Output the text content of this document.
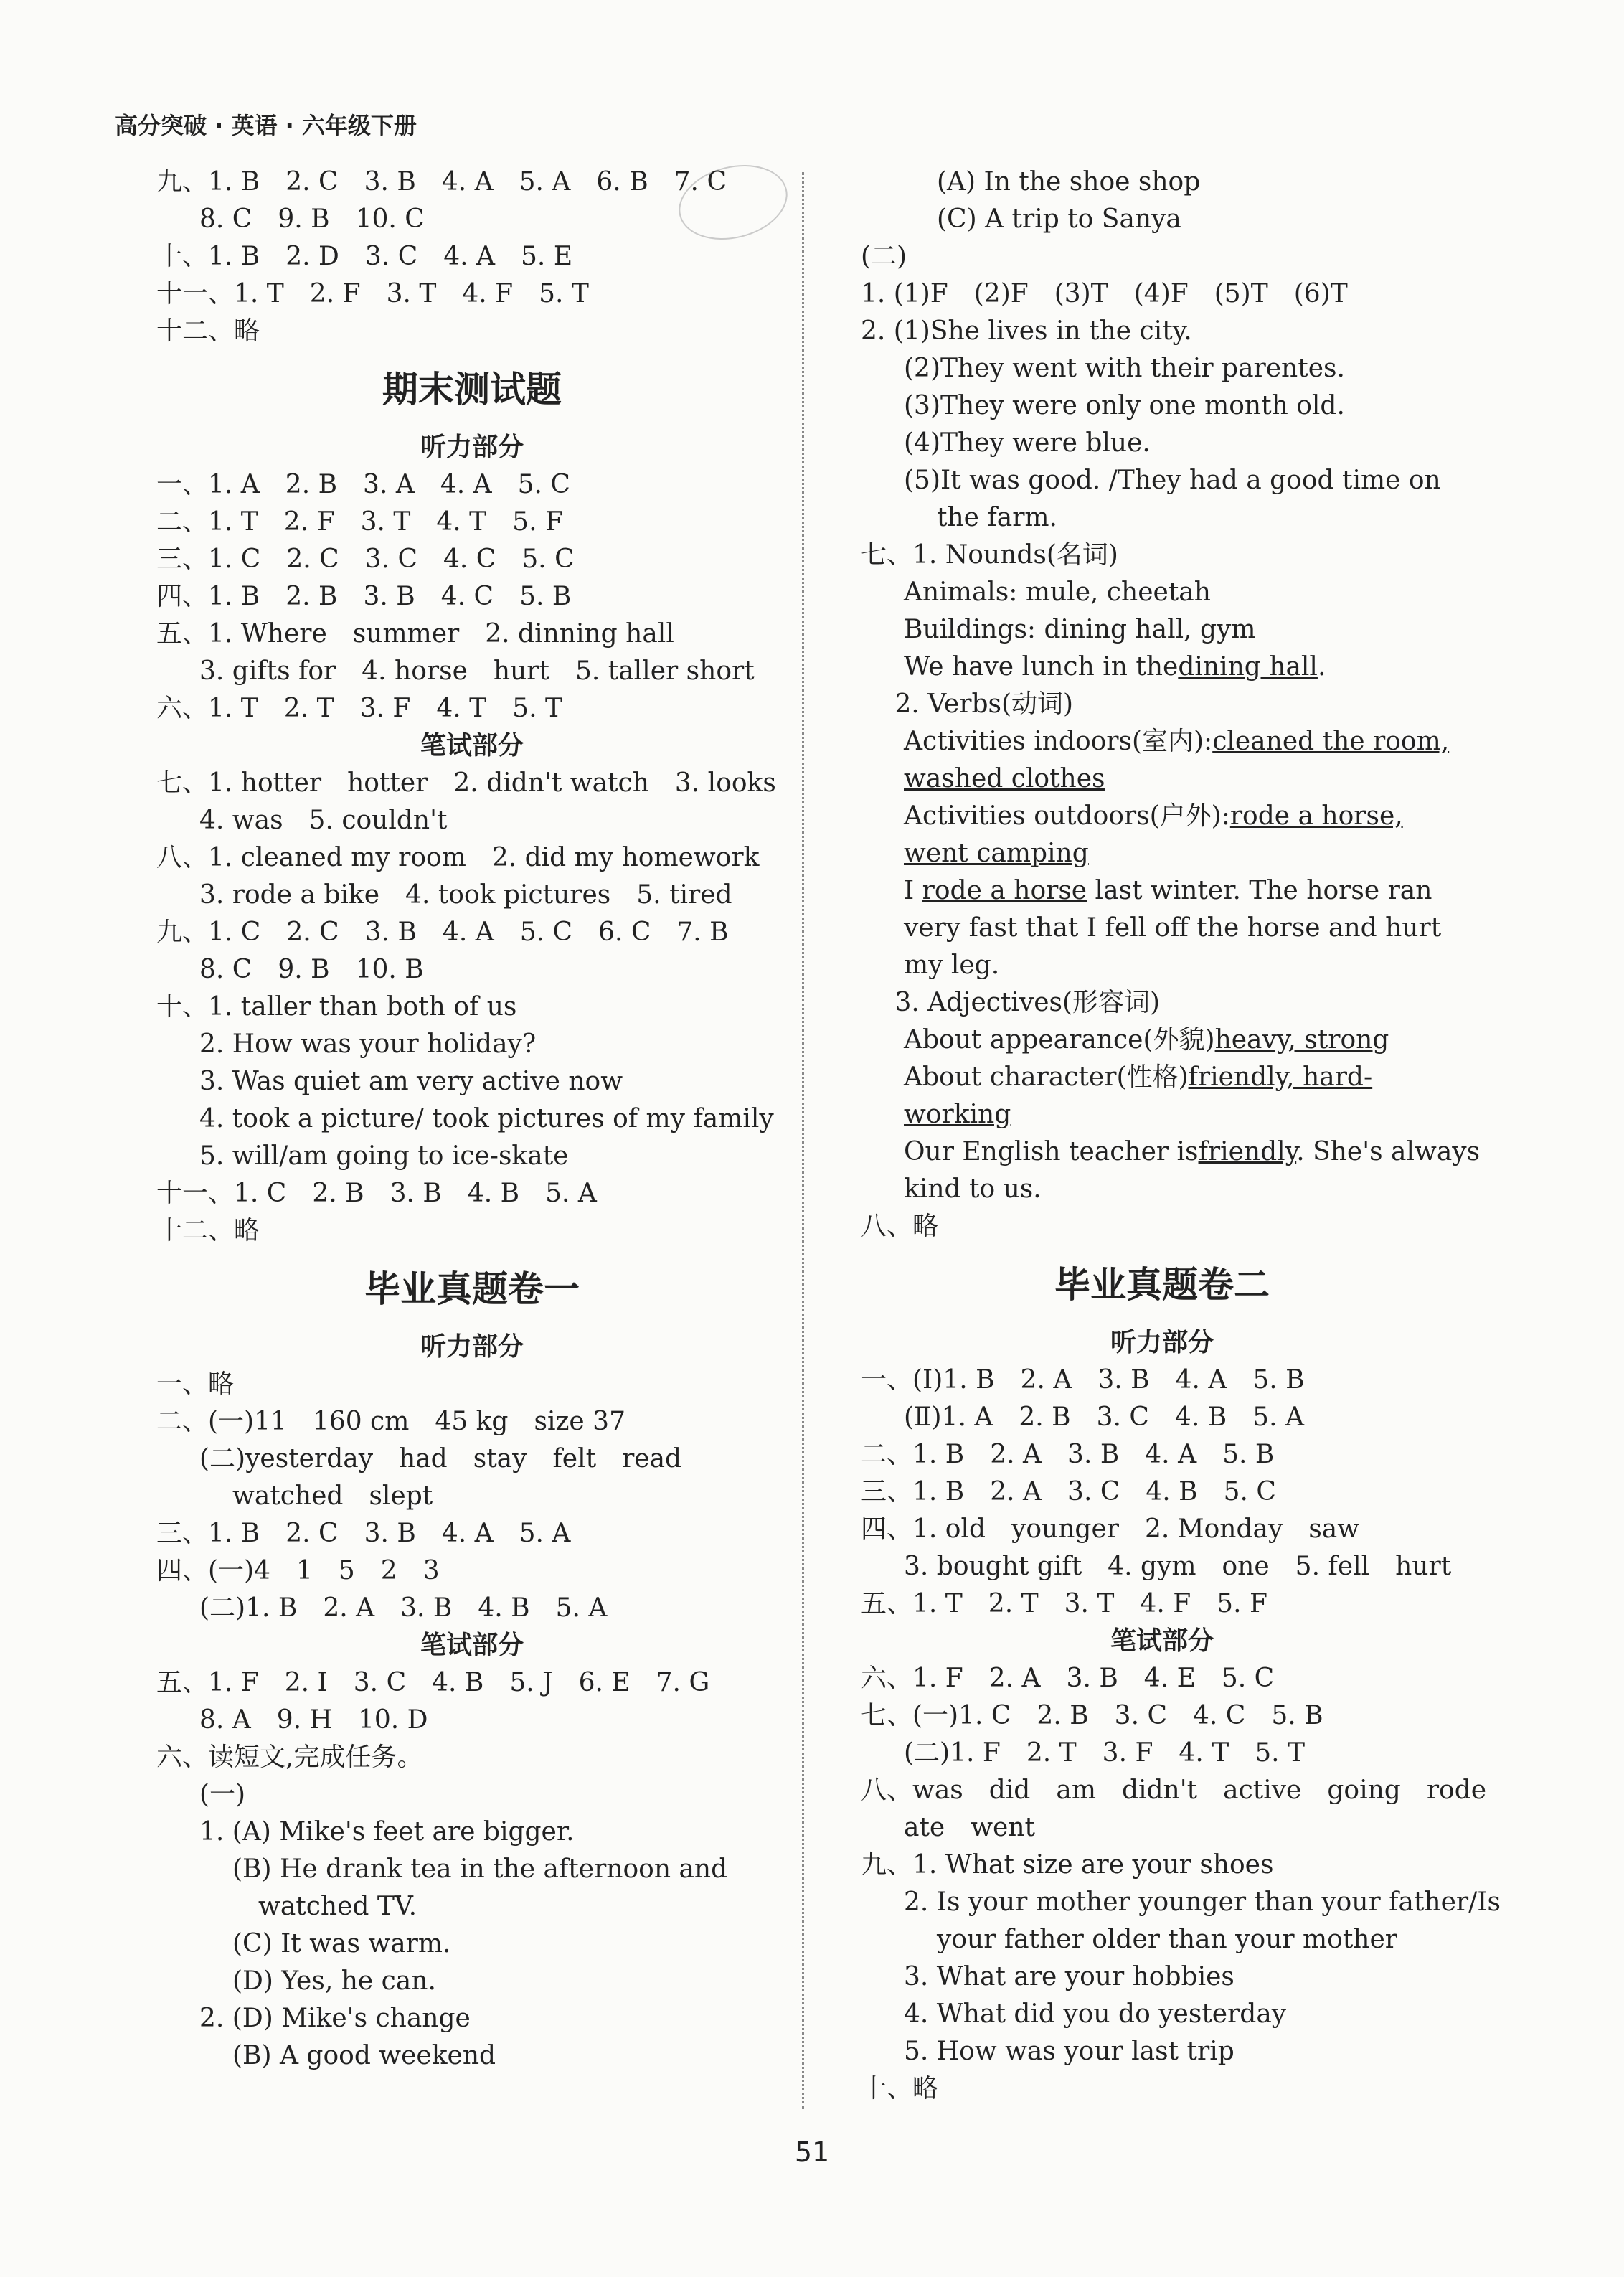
高分突破 · 英语 · 六年级下册
九、1. B　2. C　3. B　4. A　5. A　6. B　7. C
8. C　9. B　10. C
十、1. B　2. D　3. C　4. A　5. E
十一、1. T　2. F　3. T　4. F　5. T
十二、略
期末测试题
听力部分
一、1. A　2. B　3. A　4. A　5. C
二、1. T　2. F　3. T　4. T　5. F
三、1. C　2. C　3. C　4. C　5. C
四、1. B　2. B　3. B　4. C　5. B
五、1. Where　summer　2. dinning hall
3. gifts for　4. horse　hurt　5. taller short
六、1. T　2. T　3. F　4. T　5. T
笔试部分
七、1. hotter　hotter　2. didn't watch　3. looks
4. was　5. couldn't
八、1. cleaned my room　2. did my homework
3. rode a bike　4. took pictures　5. tired
九、1. C　2. C　3. B　4. A　5. C　6. C　7. B
8. C　9. B　10. B
十、1. taller than both of us
2. How was your holiday?
3. Was quiet am very active now
4. took a picture/ took pictures of my family
5. will/am going to ice-skate
十一、1. C　2. B　3. B　4. B　5. A
十二、略
毕业真题卷一
听力部分
一、略
二、(一)11　160 cm　45 kg　size 37
(二)yesterday　had　stay　felt　read
watched　slept
三、1. B　2. C　3. B　4. A　5. A
四、(一)4　1　5　2　3
(二)1. B　2. A　3. B　4. B　5. A
笔试部分
五、1. F　2. I　3. C　4. B　5. J　6. E　7. G
8. A　9. H　10. D
六、读短文,完成任务。
(一)
1. (A) Mike's feet are bigger.
(B) He drank tea in the afternoon and
　watched TV.
(C) It was warm.
(D) Yes, he can.
2. (D) Mike's change
(B) A good weekend
(A) In the shoe shop
(C) A trip to Sanya
(二)
1. (1)F　(2)F　(3)T　(4)F　(5)T　(6)T
2. (1)She lives in the city.
(2)They went with their parentes.
(3)They were only one month old.
(4)They were blue.
(5)It was good. /They had a good time on
the farm.
七、1. Nounds(名词)
Animals: mule, cheetah
Buildings: dining hall, gym
We have lunch in thedining hall.
　 2. Verbs(动词)
Activities indoors(室内):cleaned the room,
washed clothes
Activities outdoors(户外):rode a horse,
went camping
I rode a horse last winter. The horse ran
very fast that I fell off the horse and hurt
my leg.
　 3. Adjectives(形容词)
About appearance(外貌)heavy, strong
About character(性格)friendly, hard-
working
Our English teacher isfriendly. She's always
kind to us.
八、略
毕业真题卷二
听力部分
一、(Ⅰ)1. B　2. A　3. B　4. A　5. B
(Ⅱ)1. A　2. B　3. C　4. B　5. A
二、1. B　2. A　3. B　4. A　5. B
三、1. B　2. A　3. C　4. B　5. C
四、1. old　younger　2. Monday　saw
3. bought gift　4. gym　one　5. fell　hurt
五、1. T　2. T　3. T　4. F　5. F
笔试部分
六、1. F　2. A　3. B　4. E　5. C
七、(一)1. C　2. B　3. C　4. C　5. B
(二)1. F　2. T　3. F　4. T　5. T
八、was　did　am　didn't　active　going　rode
ate　went
九、1. What size are your shoes
2. Is your mother younger than your father/Is
your father older than your mother
3. What are your hobbies
4. What did you do yesterday
5. How was your last trip
十、略
51
